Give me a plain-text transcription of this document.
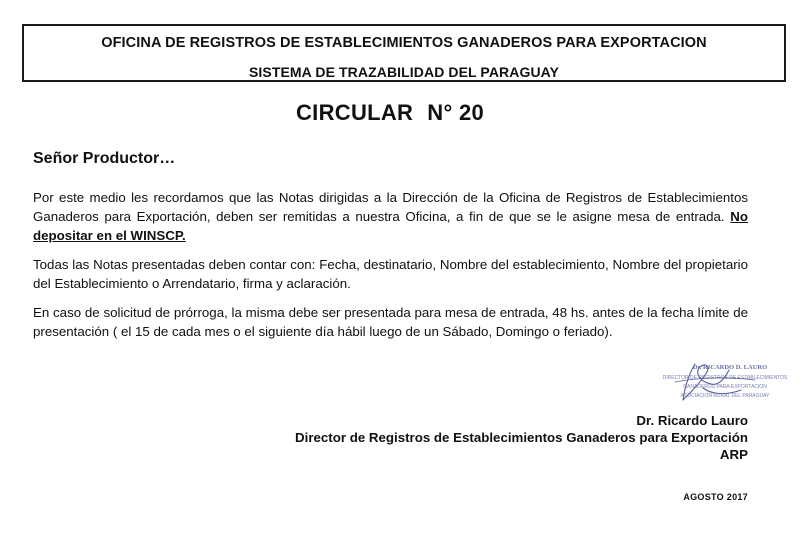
OFICINA DE REGISTROS DE ESTABLECIMIENTOS GANADEROS PARA EXPORTACION
SISTEMA DE TRAZABILIDAD DEL PARAGUAY
CIRCULAR N° 20
Señor Productor…
Por este medio les recordamos que las Notas dirigidas a la Dirección de la Oficina de Registros de Establecimientos Ganaderos para Exportación, deben ser remitidas a nuestra Oficina, a fin de que se le asigne mesa de entrada. No depositar en el WINSCP.
Todas las Notas presentadas deben contar con: Fecha, destinatario, Nombre del establecimiento, Nombre del propietario del Establecimiento o Arrendatario, firma y aclaración.
En caso de solicitud de prórroga, la misma debe ser presentada para mesa de entrada, 48 hs. antes de la fecha límite de presentación ( el 15 de cada mes o el siguiente día hábil luego de un Sábado, Domingo o feriado).
Dr. RICARDO D. LAURO
DIRECTOR DE REGISTROS DE ESTABLECIMIENTOS
GANADEROS PARA EXPORTACION
ASOCIACION RURAL DEL PARAGUAY
Dr. Ricardo Lauro
Director de Registros de Establecimientos Ganaderos para Exportación
ARP
AGOSTO 2017
